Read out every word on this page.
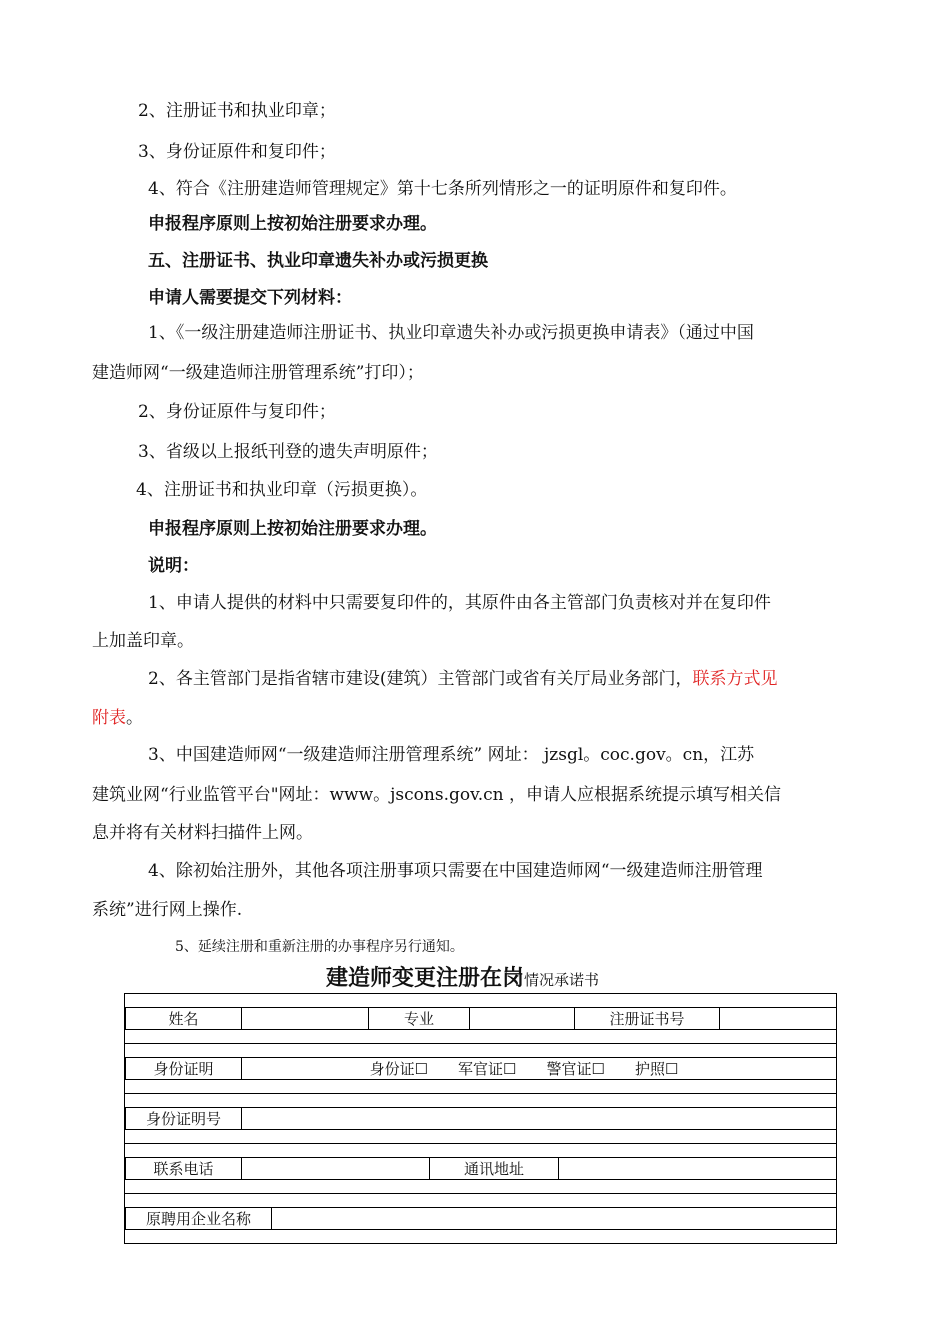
2、注册证书和执业印章；
3、身份证原件和复印件；
4、符合《注册建造师管理规定》第十七条所列情形之一的证明原件和复印件。
申报程序原则上按初始注册要求办理。
五、注册证书、执业印章遗失补办或污损更换
申请人需要提交下列材料：
1、《一级注册建造师注册证书、执业印章遗失补办或污损更换申请表》（通过中国
建造师网“一级建造师注册管理系统”打印）；
2、身份证原件与复印件；
3、省级以上报纸刊登的遗失声明原件；
4、注册证书和执业印章（污损更换）。
申报程序原则上按初始注册要求办理。
说明：
1、申请人提供的材料中只需要复印件的，其原件由各主管部门负责核对并在复印件
上加盖印章。
2、各主管部门是指省辖市建设(建筑）主管部门或省有关厅局业务部门，联系方式见
附表。
3、中国建造师网“一级建造师注册管理系统” 网址： jzsgl。coc.gov。cn，江苏
建筑业网“行业监管平台"网址：www。jscons.gov.cn ，申请人应根据系统提示填写相关信
息并将有关材料扫描件上网。
4、除初始注册外，其他各项注册事项只需要在中国建造师网“一级建造师注册管理
系统”进行网上操作.
5、延续注册和重新注册的办事程序另行通知。
建造师变更注册在岗情况承诺书
姓名		专业		注册证书号	

身份证明	身份证☐ 军官证☐ 警官证☐ 护照☐

身份证明号	

联系电话		通讯地址	

原聘用企业名称	
